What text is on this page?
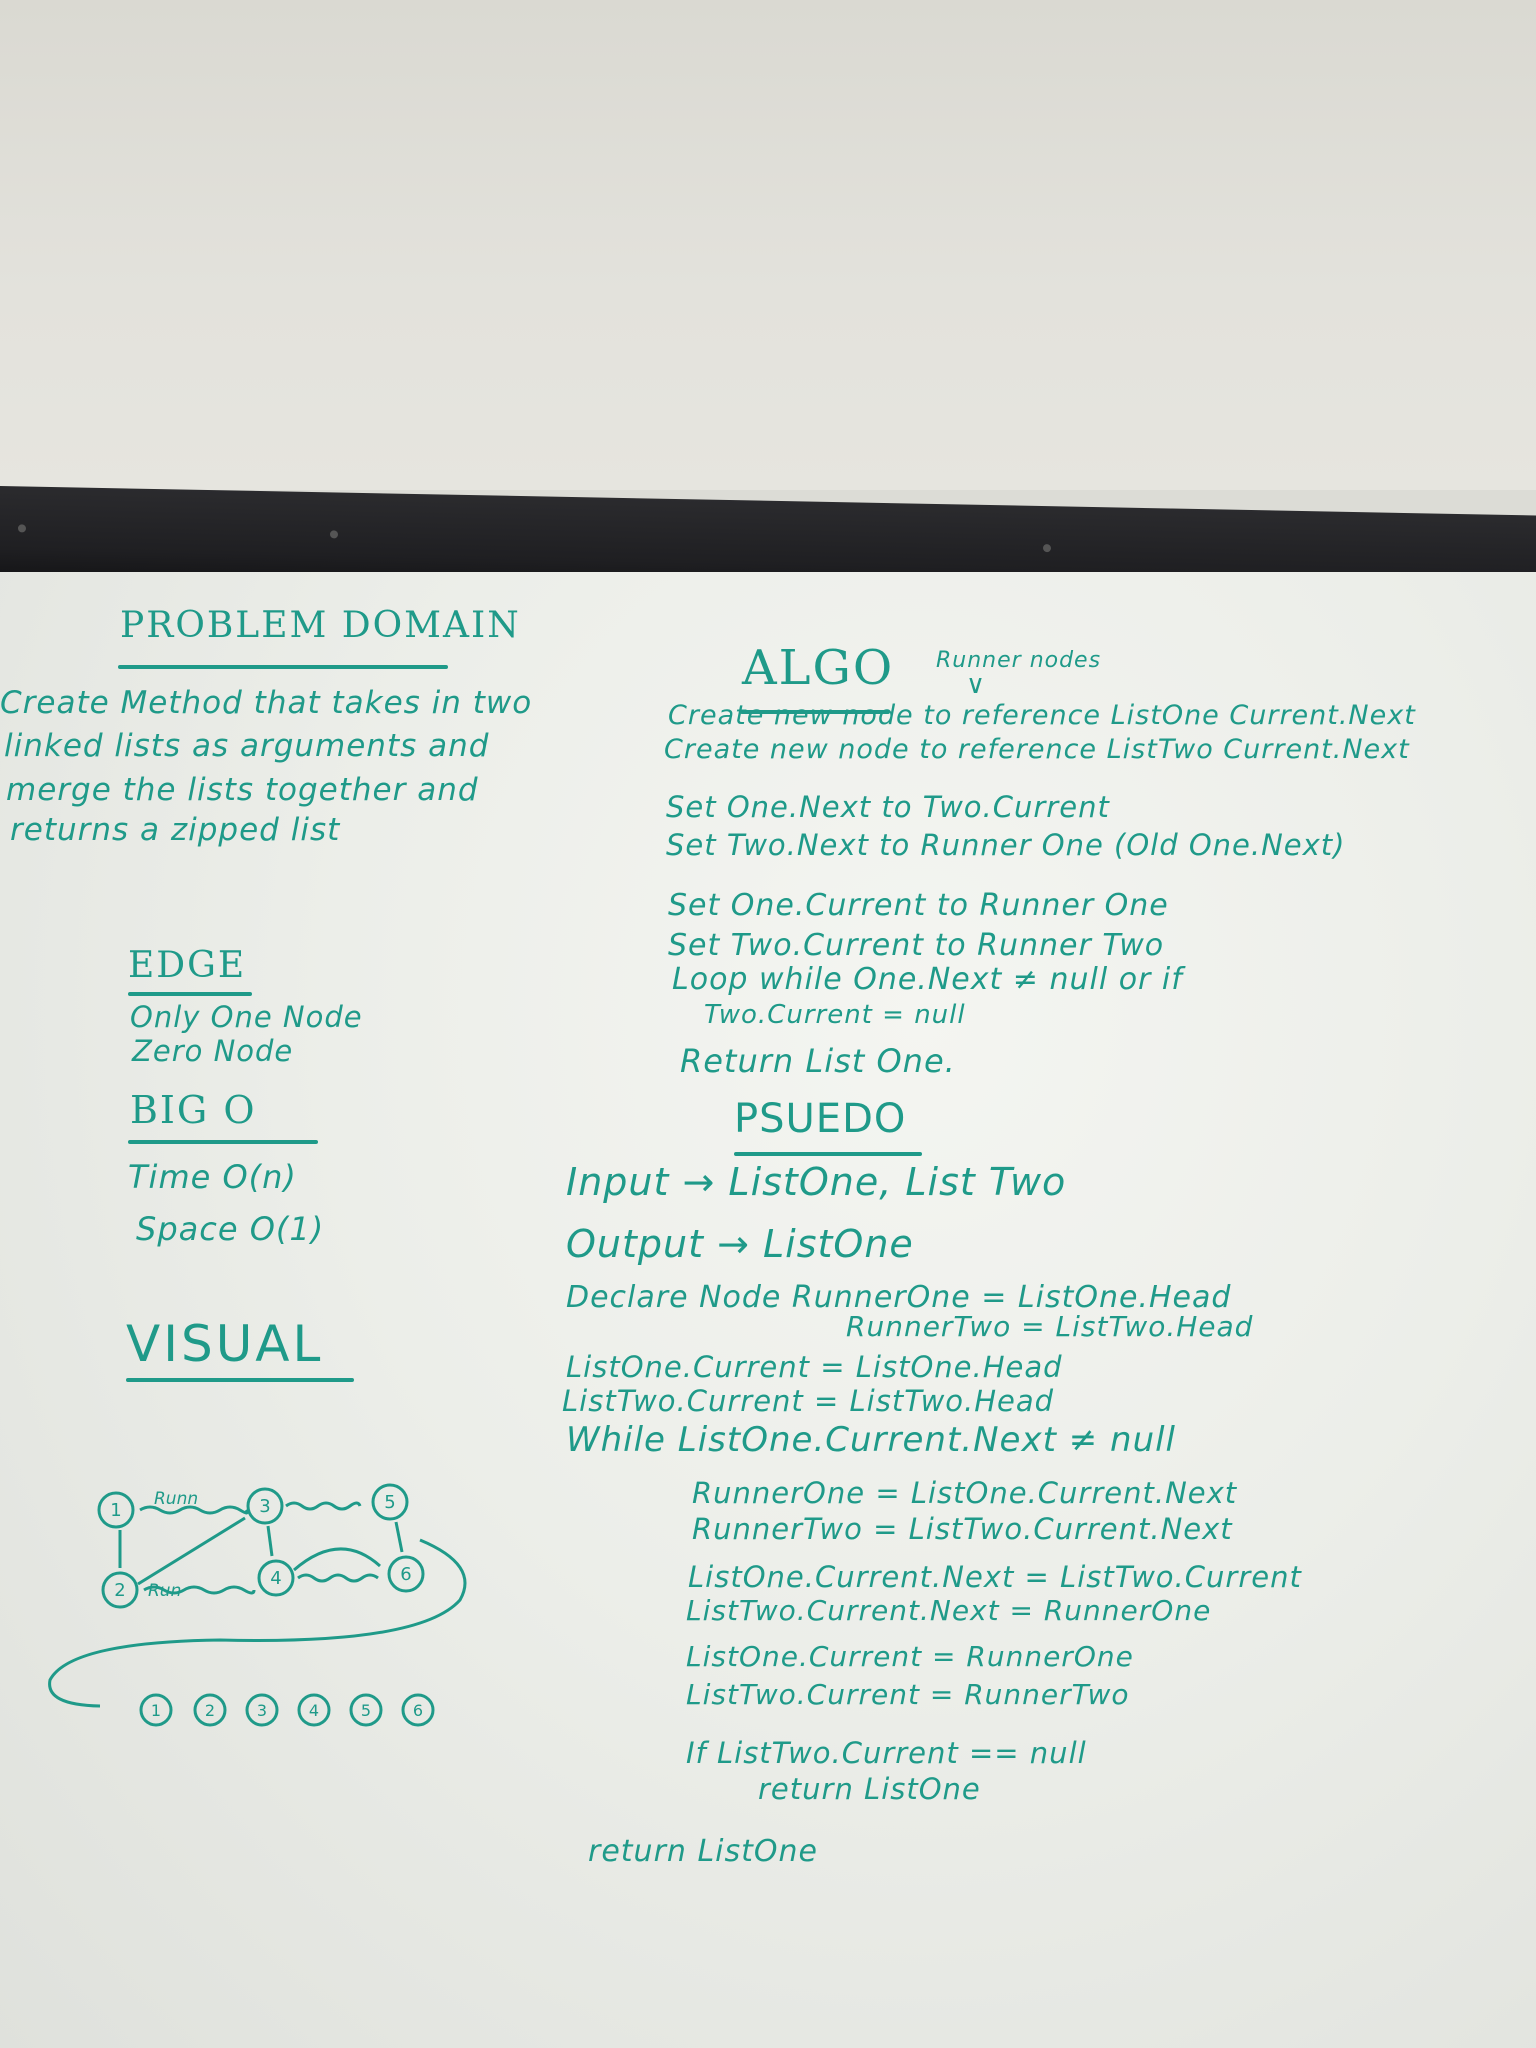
PROBLEM DOMAIN
Create Method that takes in two
linked lists as arguments and
merge the lists together and
returns a zipped list
EDGE
Only One Node
Zero Node
BIG O
Time O(n)
Space O(1)
VISUAL
1	3	5
2
4	6
1	2	3	4	5	6
Runn
Run
ALGO Runner nodes
∨
Create new node to reference ListOne Current.Next
Create new node to reference ListTwo Current.Next
Set One.Next to Two.Current
Set Two.Next to Runner One (Old One.Next)
Set One.Current to Runner One
Set Two.Current to Runner Two
Loop while One.Next ≠ null or if
Two.Current = null
Return List One.
PSUEDO
Input → ListOne, List Two
Output → ListOne
Declare Node RunnerOne = ListOne.Head
RunnerTwo = ListTwo.Head
ListOne.Current = ListOne.Head
ListTwo.Current = ListTwo.Head
While ListOne.Current.Next ≠ null
RunnerOne = ListOne.Current.Next
RunnerTwo = ListTwo.Current.Next
ListOne.Current.Next = ListTwo.Current
ListTwo.Current.Next = RunnerOne
ListOne.Current = RunnerOne
ListTwo.Current = RunnerTwo
If ListTwo.Current == null
return ListOne
return ListOne
